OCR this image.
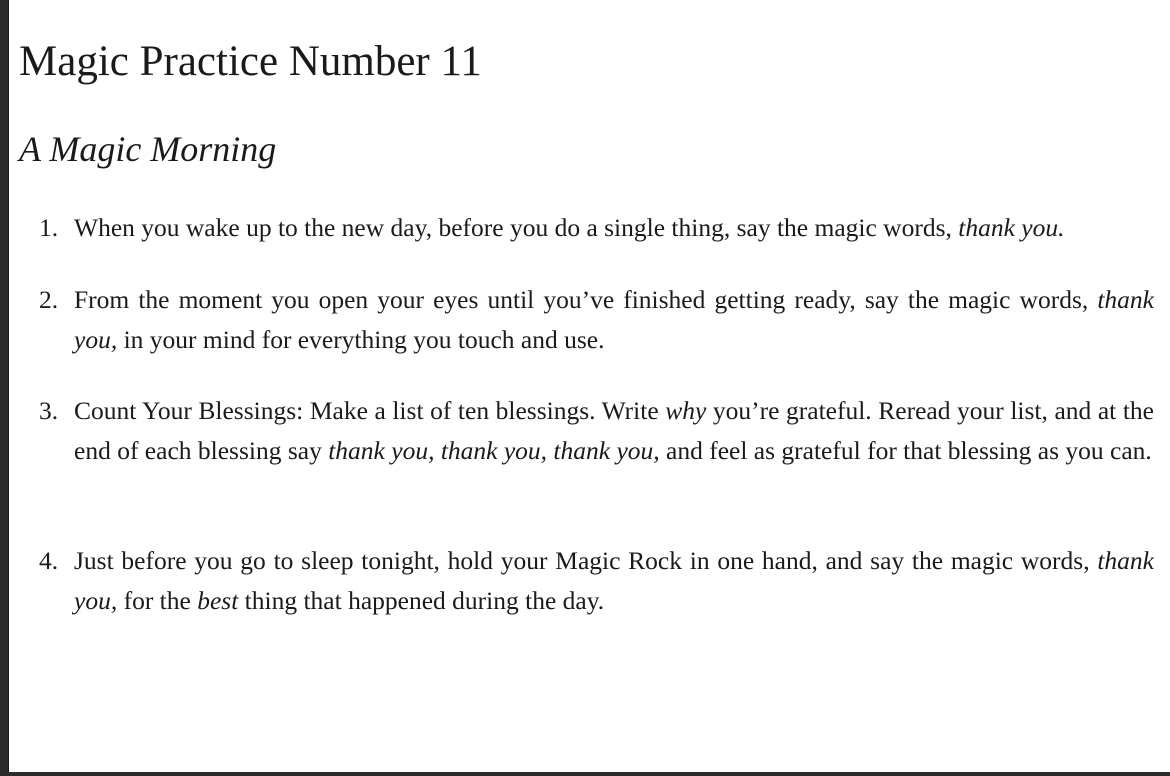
Magic Practice Number 11
A Magic Morning
1. When you wake up to the new day, before you do a single thing, say the magic words, thank you.
2. From the moment you open your eyes until you’ve finished getting ready, say the magic words, thank you, in your mind for everything you touch and use.
3. Count Your Blessings: Make a list of ten blessings. Write why you’re grateful. Reread your list, and at the end of each blessing say thank you, thank you, thank you, and feel as grateful for that blessing as you can.
4. Just before you go to sleep tonight, hold your Magic Rock in one hand, and say the magic words, thank you, for the best thing that happened during the day.
